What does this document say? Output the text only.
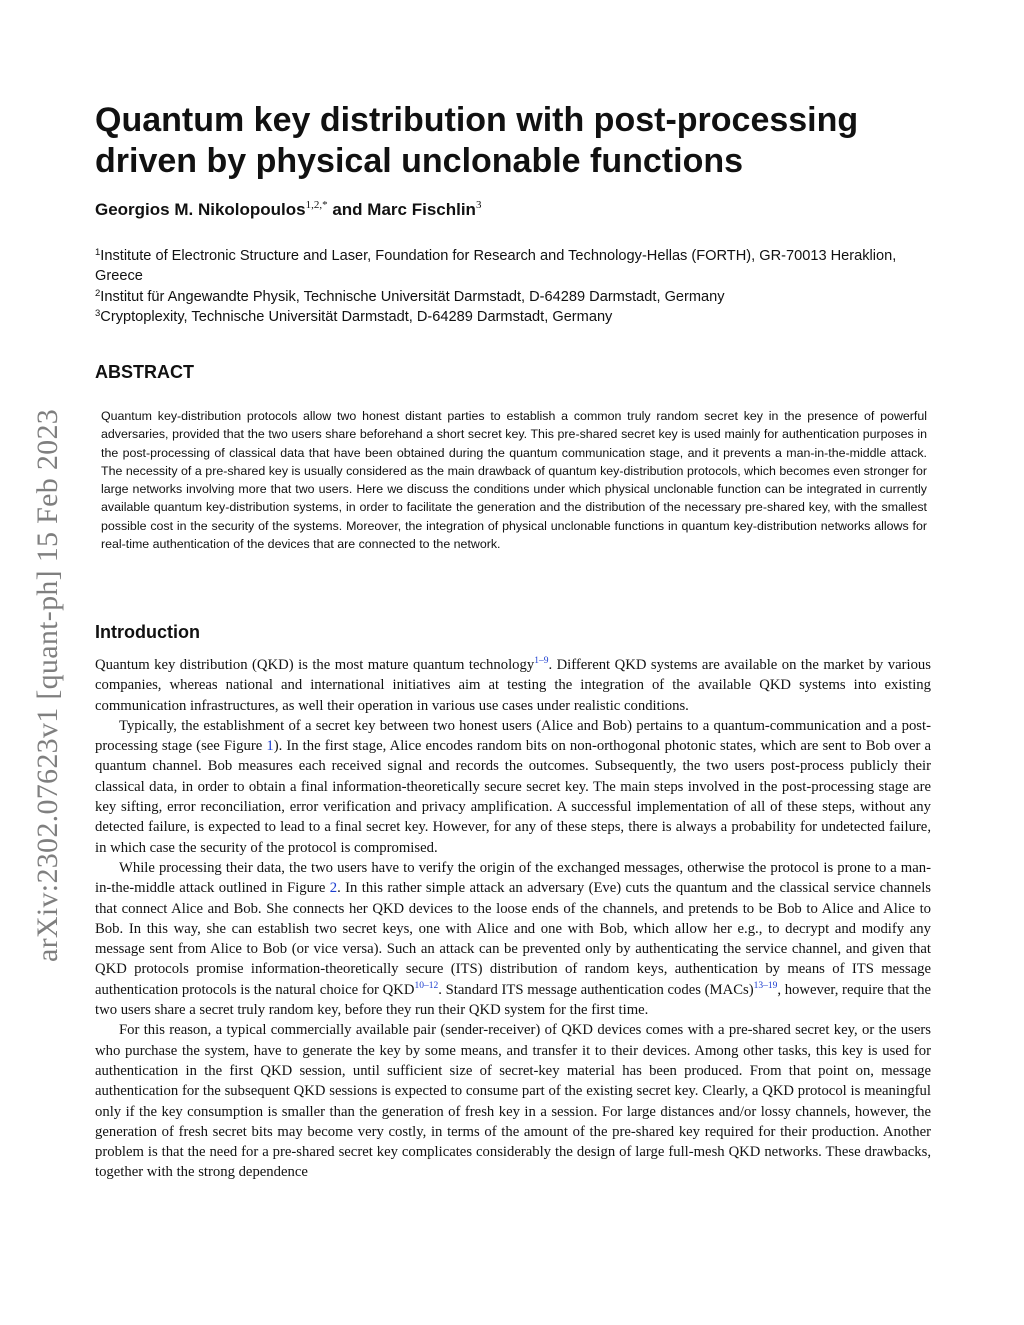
arXiv:2302.07623v1 [quant-ph] 15 Feb 2023
Quantum key distribution with post-processing
driven by physical unclonable functions
Georgios M. Nikolopoulos$^{1,2,*}$ and Marc Fischlin$^3$

$^1$Institute of Electronic Structure and Laser, Foundation for Research and Technology-Hellas (FORTH), GR-70013 Heraklion, Greece

$^2$Institut für Angewandte Physik, Technische Universität Darmstadt, D-64289 Darmstadt, Germany

$^3$Cryptoplexity, Technische Universität Darmstadt, D-64289 Darmstadt, Germany

ABSTRACT

Quantum key-distribution protocols allow two honest distant parties to establish a common truly random secret key in the presence of powerful adversaries, provided that the two users share beforehand a short secret key. This pre-shared secret key is used mainly for authentication purposes in the post-processing of classical data that have been obtained during the quantum communication stage, and it prevents a man-in-the-middle attack. The necessity of a pre-shared key is usually considered as the main drawback of quantum key-distribution protocols, which becomes even stronger for large networks involving more that two users. Here we discuss the conditions under which physical unclonable function can be integrated in currently available quantum key-distribution systems, in order to facilitate the generation and the distribution of the necessary pre-shared key, with the smallest possible cost in the security of the systems. Moreover, the integration of physical unclonable functions in quantum key-distribution networks allows for real-time authentication of the devices that are connected to the network.

Introduction

Quantum key distribution (QKD) is the most mature quantum technology$^{1-9}$. Different QKD systems are available on the market by various companies, whereas national and international initiatives aim at testing the integration of the available QKD systems into existing communication infrastructures, as well their operation in various use cases under realistic conditions.

Typically, the establishment of a secret key between two honest users (Alice and Bob) pertains to a quantum-communication and a post-processing stage (see Figure 1). In the first stage, Alice encodes random bits on non-orthogonal photonic states, which are sent to Bob over a quantum channel. Bob measures each received signal and records the outcomes. Subsequently, the two users post-process publicly their classical data, in order to obtain a final information-theoretically secure secret key. The main steps involved in the post-processing stage are key sifting, error reconciliation, error verification and privacy amplification. A successful implementation of all of these steps, without any detected failure, is expected to lead to a final secret key. However, for any of these steps, there is always a probability for undetected failure, in which case the security of the protocol is compromised.

While processing their data, the two users have to verify the origin of the exchanged messages, otherwise the protocol is prone to a man-in-the-middle attack outlined in Figure 2. In this rather simple attack an adversary (Eve) cuts the quantum and the classical service channels that connect Alice and Bob. She connects her QKD devices to the loose ends of the channels, and pretends to be Bob to Alice and Alice to Bob. In this way, she can establish two secret keys, one with Alice and one with Bob, which allow her e.g., to decrypt and modify any message sent from Alice to Bob (or vice versa). Such an attack can be prevented only by authenticating the service channel, and given that QKD protocols promise information-theoretically secure (ITS) distribution of random keys, authentication by means of ITS message authentication protocols is the natural choice for QKD$^{10-12}$. Standard ITS message authentication codes (MACs)$^{13-19}$, however, require that the two users share a secret truly random key, before they run their QKD system for the first time.

For this reason, a typical commercially available pair (sender-receiver) of QKD devices comes with a pre-shared secret key, or the users who purchase the system, have to generate the key by some means, and transfer it to their devices. Among other tasks, this key is used for authentication in the first QKD session, until sufficient size of secret-key material has been produced. From that point on, message authentication for the subsequent QKD sessions is expected to consume part of the existing secret key. Clearly, a QKD protocol is meaningful only if the key consumption is smaller than the generation of fresh key in a session. For large distances and/or lossy channels, however, the generation of fresh secret bits may become very costly, in terms of the amount of the pre-shared key required for their production. Another problem is that the need for a pre-shared secret key complicates considerably the design of large full-mesh QKD networks. These drawbacks, together with the strong dependence
